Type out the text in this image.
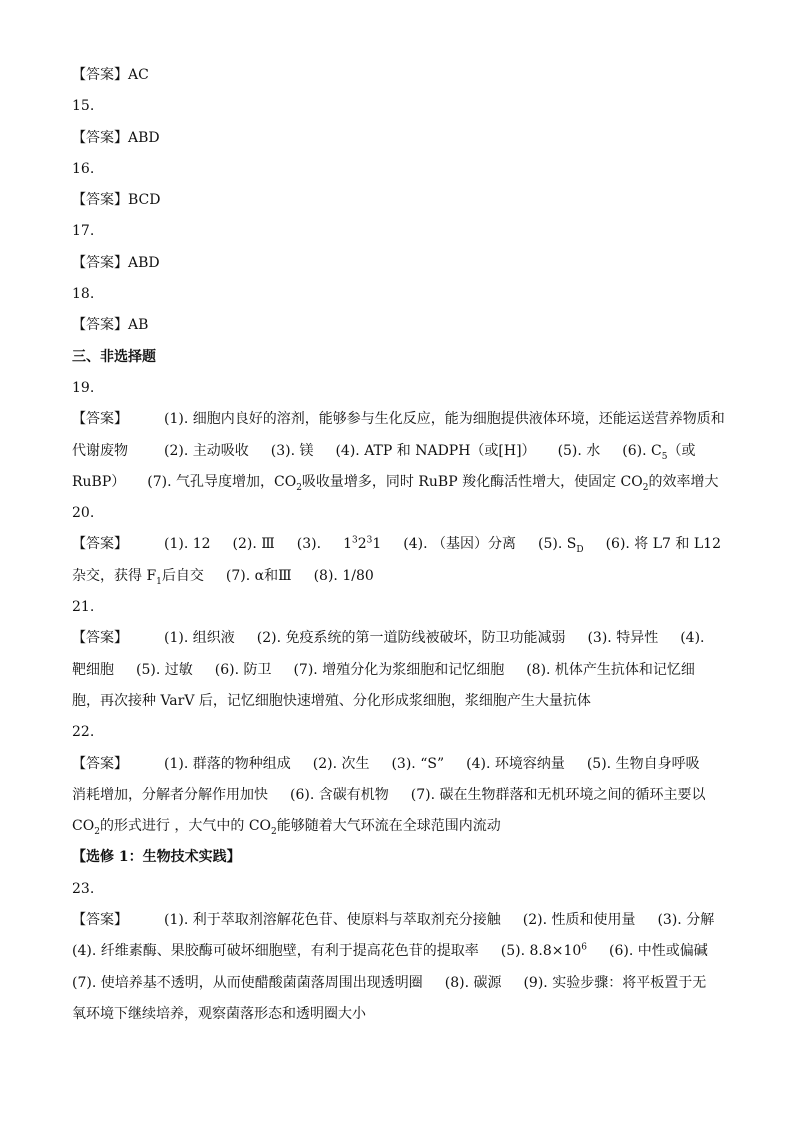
【答案】AC
15.
【答案】ABD
16.
【答案】BCD
17.
【答案】ABD
18.
【答案】AB
三、非选择题
19.
【答案】	(1). 细胞内良好的溶剂，能够参与生化反应，能为细胞提供液体环境，还能运送营养物质和
代谢废物	(2). 主动吸收 (3). 镁 (4). ATP 和 NADPH（或[H]） (5). 水 (6). $C_5$（或
RuBP） (7). 气孔导度增加，$CO_2$吸收量增多，同时 RuBP 羧化酶活性增大，使固定 $CO_2$的效率增大
20.
【答案】	(1). 12 (2). Ⅲ (3). $1^32^31$ (4). （基因）分离 (5). $S_D$ (6). 将 L7 和 L12
杂交，获得 $F_1$后自交 (7). α和Ⅲ (8). 1/80
21.
【答案】	(1). 组织液 (2). 免疫系统的第一道防线被破坏，防卫功能减弱 (3). 特异性 (4).
靶细胞 (5). 过敏 (6). 防卫 (7). 增殖分化为浆细胞和记忆细胞 (8). 机体产生抗体和记忆细
胞，再次接种 VarV 后，记忆细胞快速增殖、分化形成浆细胞，浆细胞产生大量抗体
22.
【答案】	(1). 群落的物种组成 (2). 次生 (3). “S” (4). 环境容纳量 (5). 生物自身呼吸
消耗增加，分解者分解作用加快 (6). 含碳有机物 (7). 碳在生物群落和无机环境之间的循环主要以
$CO_2$的形式进行 ，大气中的 $CO_2$能够随着大气环流在全球范围内流动
【选修 1：生物技术实践】
23.
【答案】	(1). 利于萃取剂溶解花色苷、使原料与萃取剂充分接触 (2). 性质和使用量 (3). 分解
(4). 纤维素酶、果胶酶可破坏细胞壁，有利于提高花色苷的提取率 (5). $8.8\times 10^6$ (6). 中性或偏碱
(7). 使培养基不透明，从而使醋酸菌菌落周围出现透明圈 (8). 碳源 (9). 实验步骤：将平板置于无
氧环境下继续培养，观察菌落形态和透明圈大小
